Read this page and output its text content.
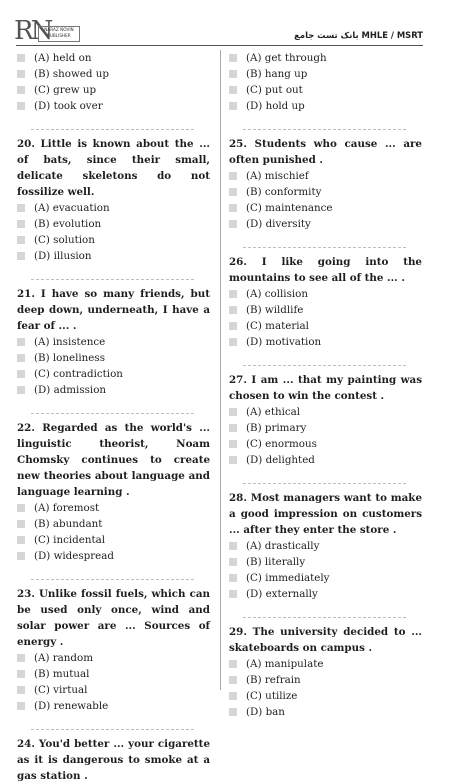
RN
NARAZ NOVIN
PUBLISHER	بانک تست جامع MHLE / MSRT
(A) held on
(B) showed up
(C) grew up
(D) took over

20. Little is known about the ... of bats, since their small, delicate skeletons do not fossilize well.

(A) evacuation
(B) evolution
(C) solution
(D) illusion

21. I have so many friends, but deep down, underneath, I have a fear of ... .

(A) insistence
(B) loneliness
(C) contradiction
(D) admission

22. Regarded as the world's ... linguistic theorist, Noam Chomsky continues to create new theories about language and language learning .

(A) foremost
(B) abundant
(C) incidental
(D) widespread

23. Unlike fossil fuels, which can be used only once, wind and solar power are ... Sources of energy .

(A) random
(B) mutual
(C) virtual
(D) renewable

24. You'd better ... your cigarette as it is dangerous to smoke at a gas station .

(A) get through
(B) hang up
(C) put out
(D) hold up

25. Students who cause ... are often punished .

(A) mischief
(B) conformity
(C) maintenance
(D) diversity

26. I like going into the mountains to see all of the ... .

(A) collision
(B) wildlife
(C) material
(D) motivation

27. I am ... that my painting was chosen to win the contest .

(A) ethical
(B) primary
(C) enormous
(D) delighted

28. Most managers want to make a good impression on customers ... after they enter the store .

(A) drastically
(B) literally
(C) immediately
(D) externally

29. The university decided to ... skateboards on campus .

(A) manipulate
(B) refrain
(C) utilize
(D) ban
